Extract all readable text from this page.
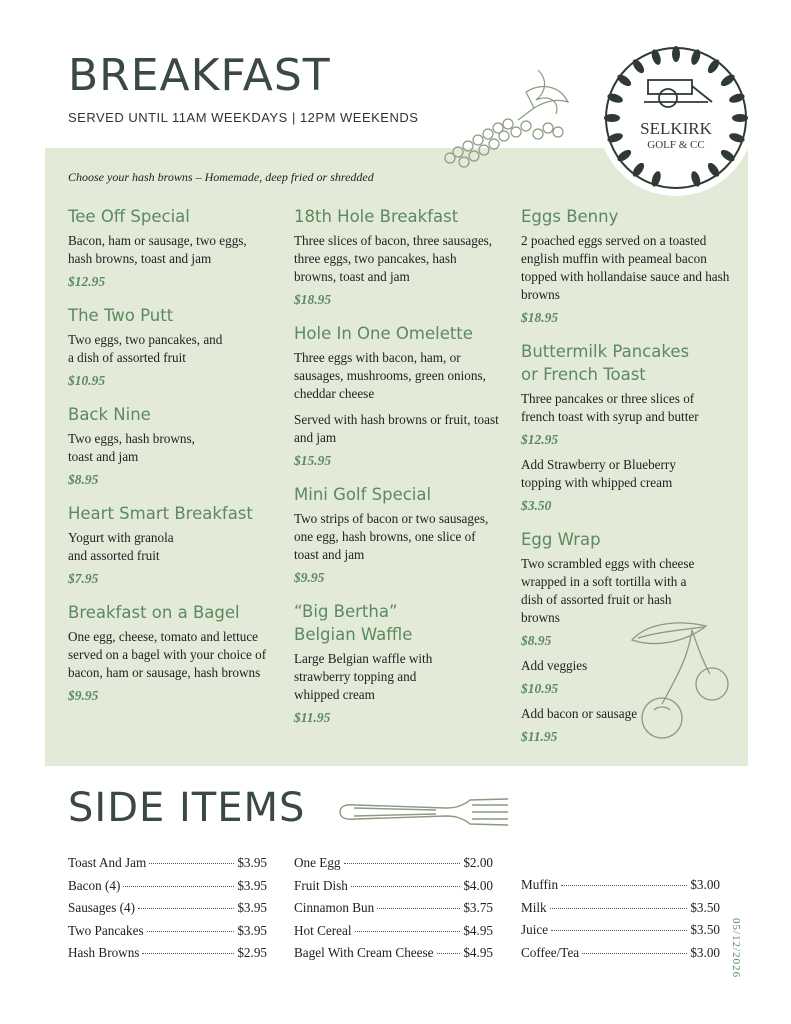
BREAKFAST
SERVED UNTIL 11AM WEEKDAYS | 12PM WEEKENDS
SELKIRK
GOLF & CC
Choose your hash browns – Homemade, deep fried or shredded
Tee Off Special
Bacon, ham or sausage, two eggs, hash browns, toast and jam
$12.95
The Two Putt
Two eggs, two pancakes, and a dish of assorted fruit
$10.95
Back Nine
Two eggs, hash browns, toast and jam
$8.95
Heart Smart Breakfast
Yogurt with granola and assorted fruit
$7.95
Breakfast on a Bagel
One egg, cheese, tomato and lettuce served on a bagel with your choice of bacon, ham or sausage, hash browns
$9.95
18th Hole Breakfast
Three slices of bacon, three sausages, three eggs, two pancakes, hash browns, toast and jam
$18.95
Hole In One Omelette
Three eggs with bacon, ham, or sausages, mushrooms, green onions, cheddar cheese
Served with hash browns or fruit, toast and jam
$15.95
Mini Golf Special
Two strips of bacon or two sausages, one egg, hash browns, one slice of toast and jam
$9.95
“Big Bertha”
Belgian Waffle
Large Belgian waffle with strawberry topping and whipped cream
$11.95
Eggs Benny
2 poached eggs served on a toasted english muffin with peameal bacon topped with hollandaise sauce and hash browns
$18.95
Buttermilk Pancakes
or French Toast
Three pancakes or three slices of french toast with syrup and butter
$12.95
Add Strawberry or Blueberry topping with whipped cream
$3.50
Egg Wrap
Two scrambled eggs with cheese wrapped in a soft tortilla with a dish of assorted fruit or hash browns
$8.95
Add veggies
$10.95
Add bacon or sausage
$11.95
SIDE ITEMS
Toast And Jam	$3.95
Bacon (4)	$3.95
Sausages (4)	$3.95
Two Pancakes	$3.95
Hash Browns	$2.95
One Egg	$2.00
Fruit Dish	$4.00
Cinnamon Bun	$3.75
Hot Cereal	$4.95
Bagel With Cream Cheese $4.95
Muffin	$3.00
Milk	$3.50
Juice	$3.50
Coffee/Tea	$3.00 05/12/2026
